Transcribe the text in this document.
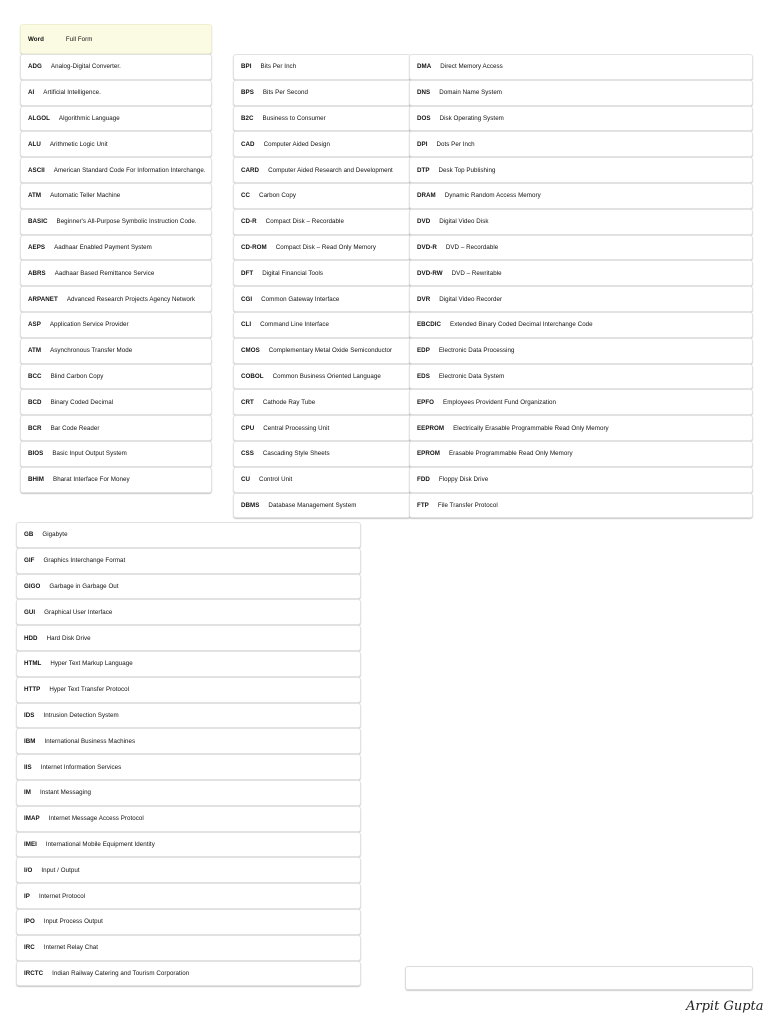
Word	Full Form
ADG Analog-Digital Converter.
AI Artificial Intelligence.
ALGOL Algorithmic Language
ALU Arithmetic Logic Unit
ASCII American Standard Code For Information Interchange.
ATM Automatic Teller Machine
BASIC Beginner's All-Purpose Symbolic Instruction Code.
AEPS Aadhaar Enabled Payment System
ABRS Aadhaar Based Remittance Service
ARPANET Advanced Research Projects Agency Network
ASP Application Service Provider
ATM Asynchronous Transfer Mode
BCC Blind Carbon Copy
BCD Binary Coded Decimal
BCR Bar Code Reader
BIOS Basic Input Output System
BHIM Bharat Interface For Money
BPI Bits Per Inch
BPS Bits Per Second
B2C Business to Consumer
CAD Computer Aided Design
CARD Computer Aided Research and Development
CC Carbon Copy
CD-R Compact Disk – Recordable
CD-ROM Compact Disk – Read Only Memory
DFT Digital Financial Tools
CGI Common Gateway Interface
CLI Command Line Interface
CMOS Complementary Metal Oxide Semiconductor
COBOL Common Business Oriented Language
CRT Cathode Ray Tube
CPU Central Processing Unit
CSS Cascading Style Sheets
CU Control Unit
DBMS Database Management System
DMA Direct Memory Access
DNS Domain Name System
DOS Disk Operating System
DPI Dots Per Inch
DTP Desk Top Publishing
DRAM Dynamic Random Access Memory
DVD Digital Video Disk
DVD-R DVD – Recordable
DVD-RW DVD – Rewritable
DVR Digital Video Recorder
EBCDIC Extended Binary Coded Decimal Interchange Code
EDP Electronic Data Processing
EDS Electronic Data System
EPFO Employees Provident Fund Organization
EEPROM Electrically Erasable Programmable Read Only Memory
EPROM Erasable Programmable Read Only Memory
FDD Floppy Disk Drive
FTP File Transfer Protocol
GB Gigabyte
GIF Graphics Interchange Format
GIGO Garbage in Garbage Out
GUI Graphical User Interface
HDD Hard Disk Drive
HTML Hyper Text Markup Language
HTTP Hyper Text Transfer Protocol
IDS Intrusion Detection System
IBM International Business Machines
IIS Internet Information Services
IM Instant Messaging
IMAP Internet Message Access Protocol
IMEI International Mobile Equipment Identity
I/O Input / Output
IP Internet Protocol
IPO Input Process Output
IRC Internet Relay Chat
IRCTC Indian Railway Catering and Tourism Corporation
Arpit Gupta
